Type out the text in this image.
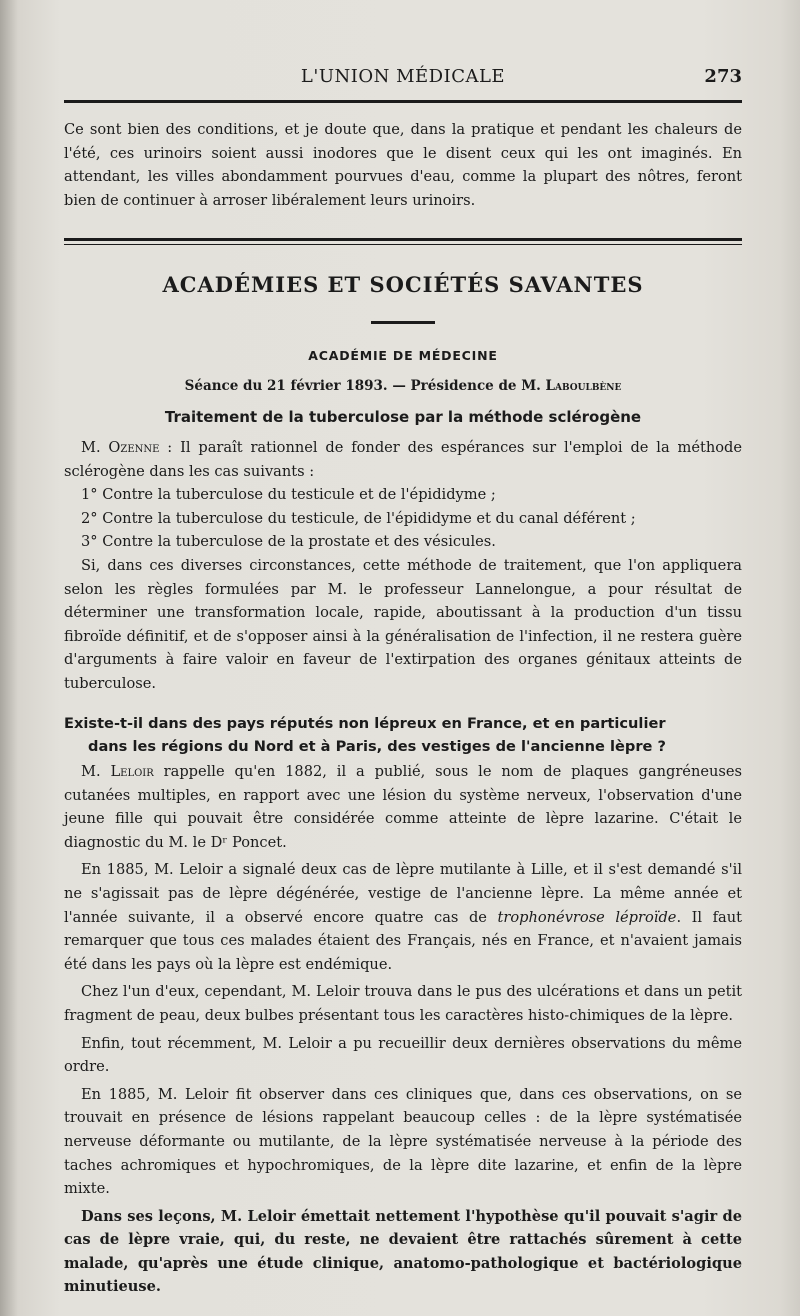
L'UNION MÉDICALE	273

Ce sont bien des conditions, et je doute que, dans la pratique et pendant les chaleurs de l'été, ces urinoirs soient aussi inodores que le disent ceux qui les ont imaginés. En attendant, les villes abondamment pourvues d'eau, comme la plupart des nôtres, feront bien de continuer à arroser libéralement leurs urinoirs.

ACADÉMIES ET SOCIÉTÉS SAVANTES
ACADÉMIE DE MÉDECINE
Séance du 21 février 1893. — Présidence de M. Laboulbène
Traitement de la tuberculose par la méthode sclérogène

M. Ozenne : Il paraît rationnel de fonder des espérances sur l'emploi de la méthode sclérogène dans les cas suivants :

1° Contre la tuberculose du testicule et de l'épididyme ;

2° Contre la tuberculose du testicule, de l'épididyme et du canal déférent ;

3° Contre la tuberculose de la prostate et des vésicules.

Si, dans ces diverses circonstances, cette méthode de traitement, que l'on appliquera selon les règles formulées par M. le professeur Lannelongue, a pour résultat de déterminer une transformation locale, rapide, aboutissant à la production d'un tissu fibroïde définitif, et de s'opposer ainsi à la généralisation de l'infection, il ne restera guère d'arguments à faire valoir en faveur de l'extirpation des organes génitaux atteints de tuberculose.

Existe-t-il dans des pays réputés non lépreux en France, et en particulier
dans les régions du Nord et à Paris, des vestiges de l'ancienne lèpre ?

M. Leloir rappelle qu'en 1882, il a publié, sous le nom de plaques gangréneuses cutanées multiples, en rapport avec une lésion du système nerveux, l'observation d'une jeune fille qui pouvait être considérée comme atteinte de lèpre lazarine. C'était le diagnostic du M. le Dʳ Poncet.

En 1885, M. Leloir a signalé deux cas de lèpre mutilante à Lille, et il s'est demandé s'il ne s'agissait pas de lèpre dégénérée, vestige de l'ancienne lèpre. La même année et l'année suivante, il a observé encore quatre cas de trophonévrose léproïde. Il faut remarquer que tous ces malades étaient des Français, nés en France, et n'avaient jamais été dans les pays où la lèpre est endémique.

Chez l'un d'eux, cependant, M. Leloir trouva dans le pus des ulcérations et dans un petit fragment de peau, deux bulbes présentant tous les caractères histo-chimiques de la lèpre.

Enfin, tout récemment, M. Leloir a pu recueillir deux dernières observations du même ordre.

En 1885, M. Leloir fit observer dans ces cliniques que, dans ces observations, on se trouvait en présence de lésions rappelant beaucoup celles : de la lèpre systématisée nerveuse déformante ou mutilante, de la lèpre systématisée nerveuse à la période des taches achromiques et hypochromiques, de la lèpre dite lazarine, et enfin de la lèpre mixte.

Dans ses leçons, M. Leloir émettait nettement l'hypothèse qu'il pouvait s'agir de cas de lèpre vraie, qui, du reste, ne devaient être rattachés sûrement à cette malade, qu'après une étude clinique, anatomo-pathologique et bactériologique minutieuse.
